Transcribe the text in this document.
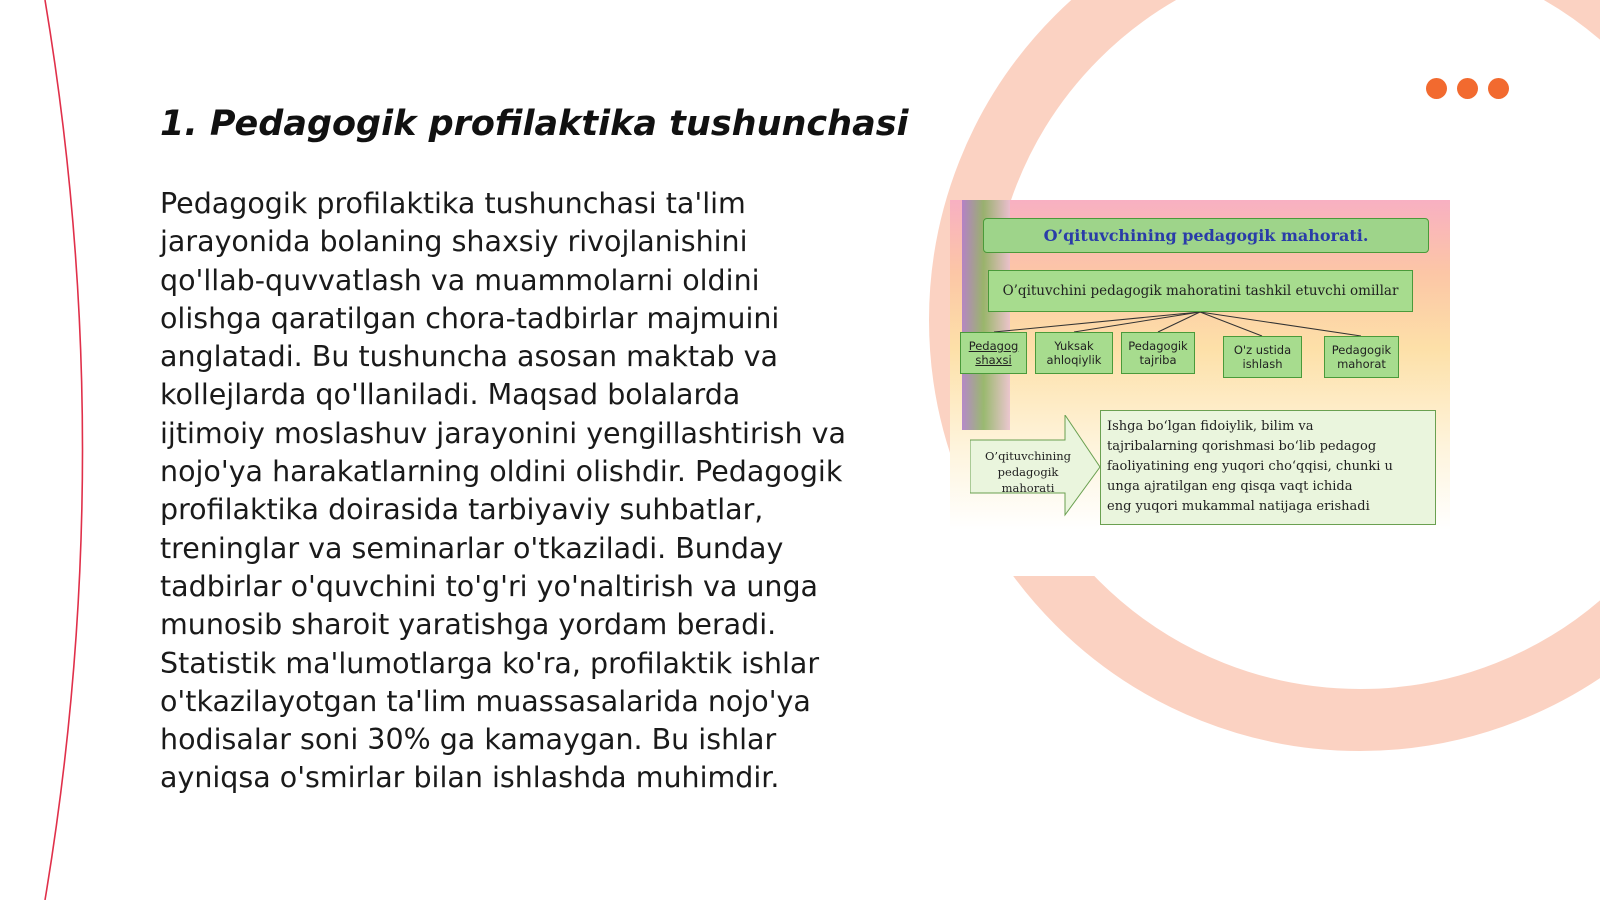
1. Pedagogik profilaktika tushunchasi

Pedagogik profilaktika tushunchasi ta'lim jarayonida bolaning shaxsiy rivojlanishini qo'llab-quvvatlash va muammolarni oldini olishga qaratilgan chora-tadbirlar majmuini anglatadi. Bu tushuncha asosan maktab va kollejlarda qo'llaniladi. Maqsad bolalarda ijtimoiy moslashuv jarayonini yengillashtirish va nojo'ya harakatlarning oldini olishdir. Pedagogik profilaktika doirasida tarbiyaviy suhbatlar, treninglar va seminarlar o'tkaziladi. Bunday tadbirlar o'quvchini to'g'ri yo'naltirish va unga munosib sharoit yaratishga yordam beradi. Statistik ma'lumotlarga ko'ra, profilaktik ishlar o'tkazilayotgan ta'lim muassasalarida nojo'ya hodisalar soni 30% ga kamaygan. Bu ishlar ayniqsa o'smirlar bilan ishlashda muhimdir.

O’qituvchining pedagogik mahorati.
O’qituvchini pedagogik mahoratini tashkil etuvchi omillar
Pedagog shaxsi
Yuksak ahloqiylik
Pedagogik tajriba
O'z ustida ishlash
Pedagogik mahorat
O’qituvchining pedagogik mahorati
Ishga bo‘lgan fidoiylik, bilim va
tajribalarning qorishmasi bo‘lib pedagog
faoliyatining eng yuqori cho‘qqisi, chunki u
unga ajratilgan eng qisqa vaqt ichida
eng yuqori mukammal natijaga erishadi
